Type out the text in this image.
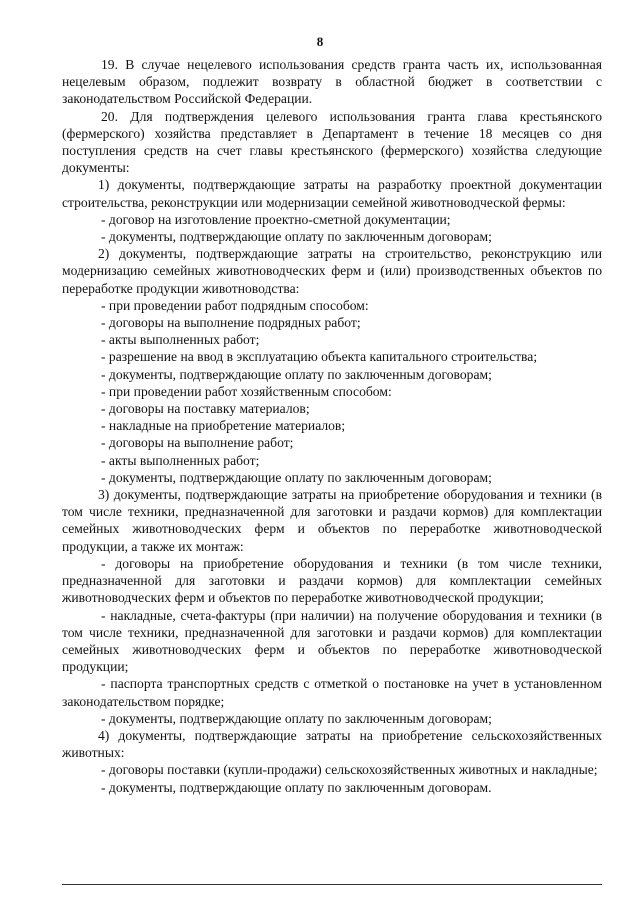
8

19. В случае нецелевого использования средств гранта часть их, использованная нецелевым образом, подлежит возврату в областной бюджет в соответствии с законодательством Российской Федерации.

20. Для подтверждения целевого использования гранта глава крестьянского (фермерского) хозяйства представляет в Департамент в течение 18 месяцев со дня поступления средств на счет главы крестьянского (фермерского) хозяйства следующие документы:

1) документы, подтверждающие затраты на разработку проектной документации строительства, реконструкции или модернизации семейной животноводческой фермы:

- договор на изготовление проектно-сметной документации;

- документы, подтверждающие оплату по заключенным договорам;

2) документы, подтверждающие затраты на строительство, реконструкцию или модернизацию семейных животноводческих ферм и (или) производственных объектов по переработке продукции животноводства:

- при проведении работ подрядным способом:

- договоры на выполнение подрядных работ;

- акты выполненных работ;

- разрешение на ввод в эксплуатацию объекта капитального строительства;

- документы, подтверждающие оплату по заключенным договорам;

- при проведении работ хозяйственным способом:

- договоры на поставку материалов;

- накладные на приобретение материалов;

- договоры на выполнение работ;

- акты выполненных работ;

- документы, подтверждающие оплату по заключенным договорам;

3) документы, подтверждающие затраты на приобретение оборудования и техники (в том числе техники, предназначенной для заготовки и раздачи кормов) для комплектации семейных животноводческих ферм и объектов по переработке животноводческой продукции, а также их монтаж:

- договоры на приобретение оборудования и техники (в том числе техники, предназначенной для заготовки и раздачи кормов) для комплектации семейных животноводческих ферм и объектов по переработке животноводческой продукции;

- накладные, счета-фактуры (при наличии) на получение оборудования и техники (в том числе техники, предназначенной для заготовки и раздачи кормов) для комплектации семейных животноводческих ферм и объектов по переработке животноводческой продукции;

- паспорта транспортных средств с отметкой о постановке на учет в установленном законодательством порядке;

- документы, подтверждающие оплату по заключенным договорам;

4) документы, подтверждающие затраты на приобретение сельскохозяйственных животных:

- договоры поставки (купли-продажи) сельскохозяйственных животных и накладные;

- документы, подтверждающие оплату по заключенным договорам.
